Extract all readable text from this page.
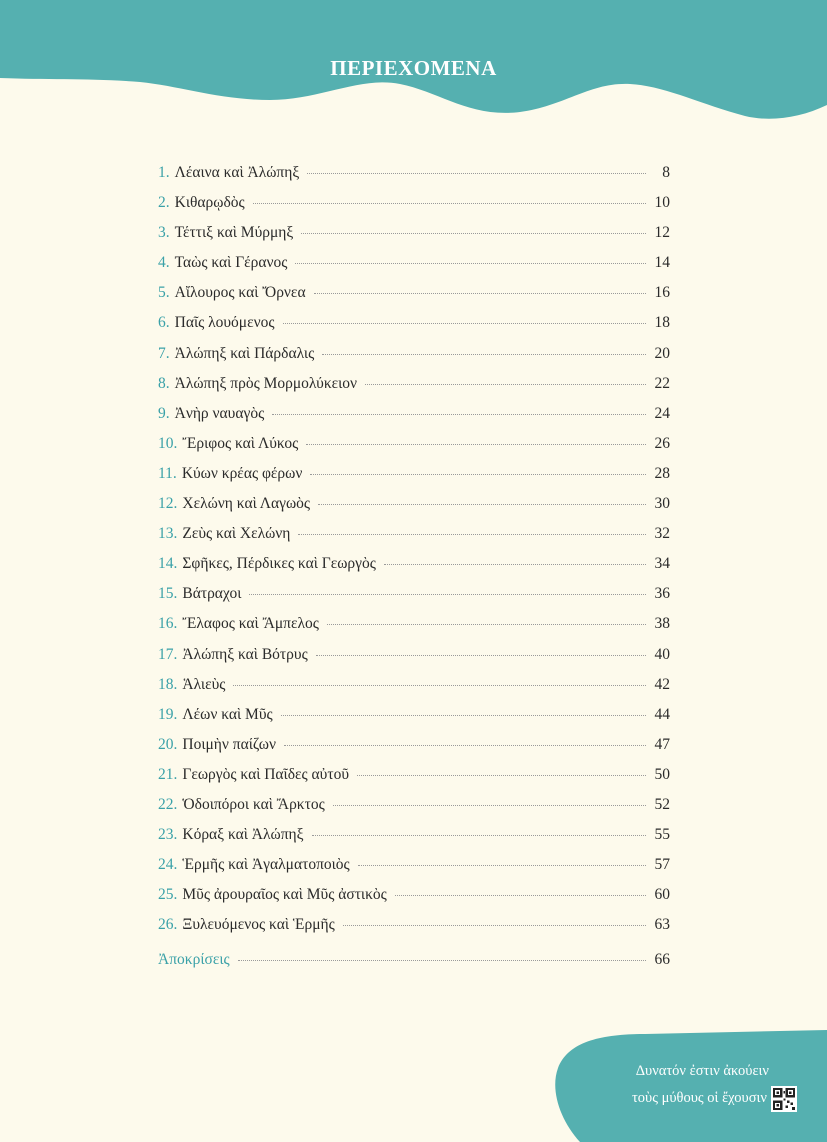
ΠΕΡΙΕΧΟΜΕΝΑ
1. Λέαινα καὶ Ἀλώπηξ	8
2. Κιθαρῳδὸς	10
3. Τέττιξ καὶ Μύρμηξ	12
4. Ταὼς καὶ Γέρανος	14
5. Αἴλουρος καὶ Ὄρνεα	16
6. Παῖς λουόμενος	18
7. Ἀλώπηξ καὶ Πάρδαλις	20
8. Ἀλώπηξ πρὸς Μορμολύκειον	22
9. Ἀνὴρ ναυαγὸς	24
10. Ἔριφος καὶ Λύκος	26
11. Κύων κρέας φέρων	28
12. Χελώνη καὶ Λαγωὸς	30
13. Ζεὺς καὶ Χελώνη	32
14. Σφῆκες, Πέρδικες καὶ Γεωργὸς	34
15. Βάτραχοι	36
16. Ἔλαφος καὶ Ἄμπελος	38
17. Ἀλώπηξ καὶ Βότρυς	40
18. Ἁλιεὺς	42
19. Λέων καὶ Μῦς	44
20. Ποιμὴν παίζων	47
21. Γεωργὸς καὶ Παῖδες αὐτοῦ	50
22. Ὁδοιπόροι καὶ Ἄρκτος	52
23. Κόραξ καὶ Ἀλώπηξ	55
24. Ἑρμῆς καὶ Ἀγαλματοποιὸς	57
25. Μῦς ἀρουραῖος καὶ Μῦς ἀστικὸς	60
26. Ξυλευόμενος καὶ Ἑρμῆς	63
Ἀποκρίσεις	66
Δυνατόν ἐστιν ἀκούειν
τοὺς μύθους οἱ ἔχουσιν
